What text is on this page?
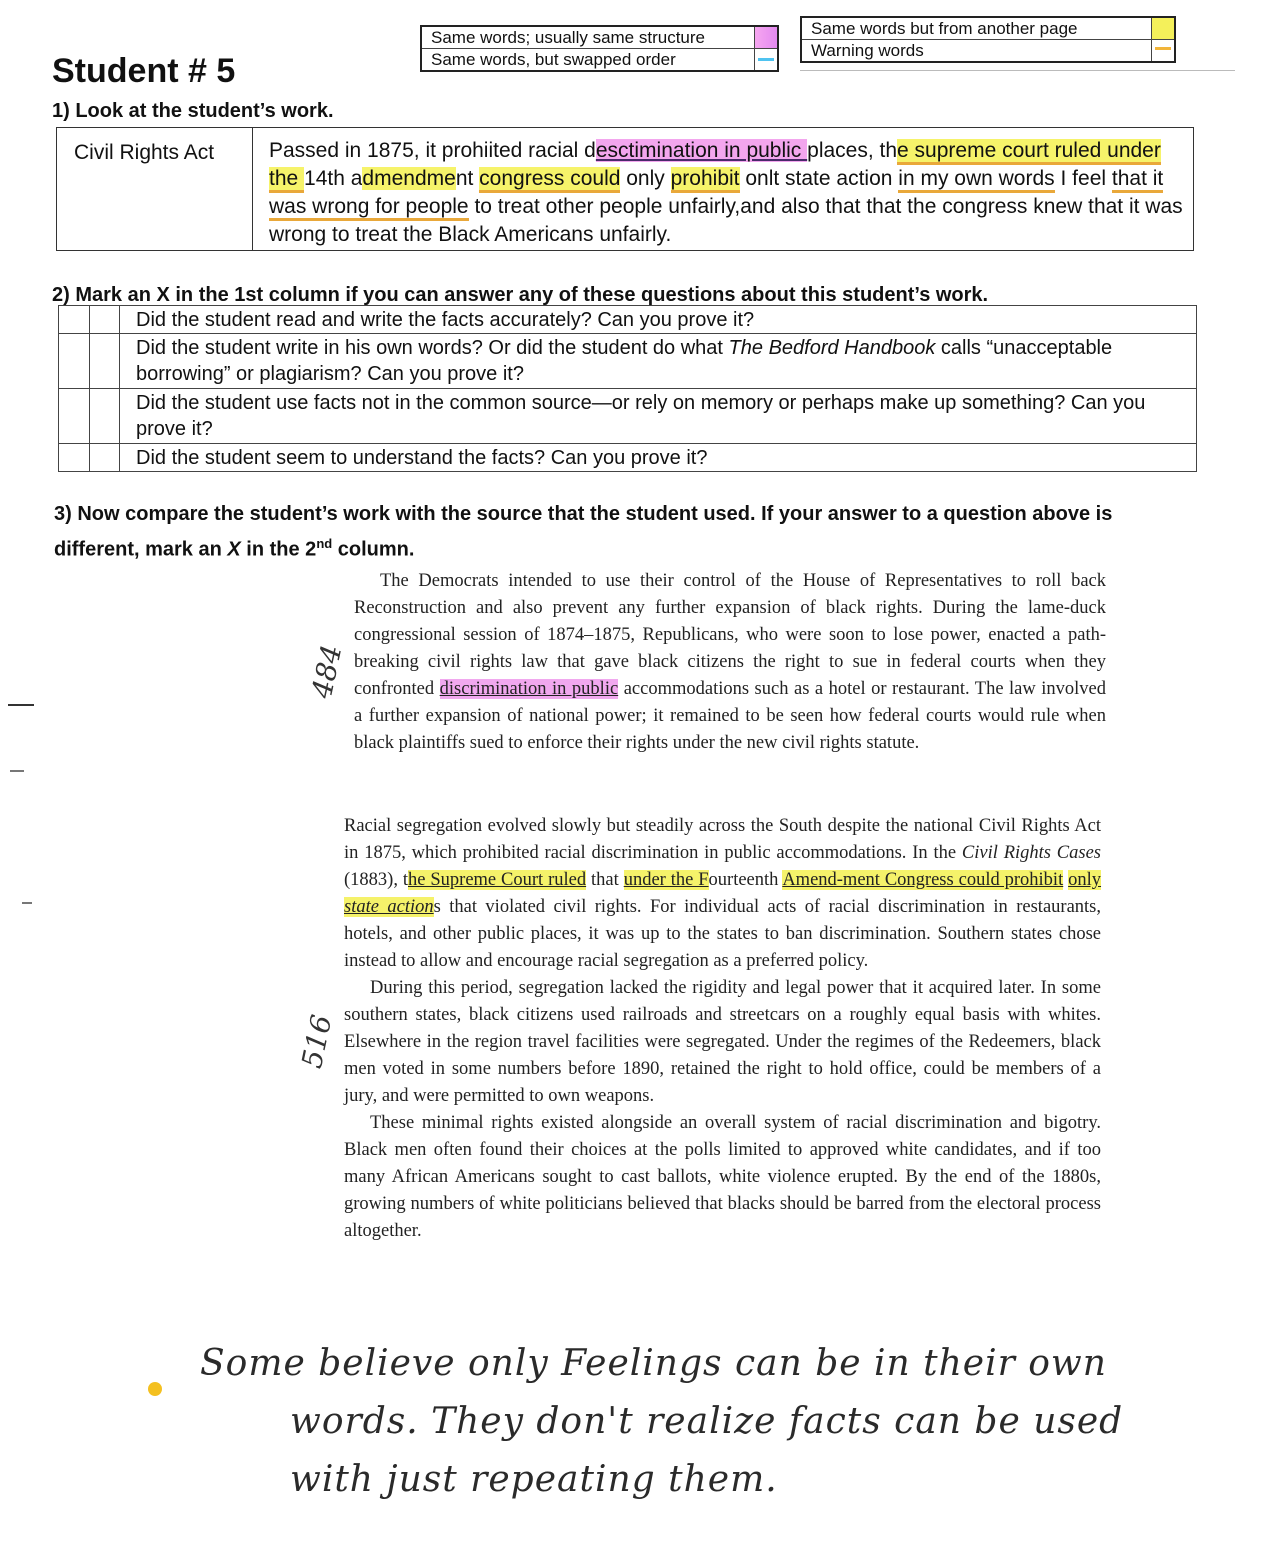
Same words; usually same structure
Same words, but swapped order
Same words but from another page
Warning words
Student # 5
1) Look at the student’s work.
Civil Rights Act	Passed in 1875, it prohiited racial desctimination in public places, the supreme court ruled under the 14th admendment congress could only prohibit onlt state action in my own words I feel that it was wrong for people to treat other people unfairly,and also that that the congress knew that it was wrong to treat the Black Americans unfairly.
2) Mark an X in the 1st column if you can answer any of these questions about this student’s work.
Did the student read and write the facts accurately? Can you prove it?
Did the student write in his own words? Or did the student do what The Bedford Handbook calls “unacceptable borrowing” or plagiarism? Can you prove it?
Did the student use facts not in the common source—or rely on memory or perhaps make up something? Can you prove it?
Did the student seem to understand the facts? Can you prove it?
3) Now compare the student’s work with the source that the student used. If your answer to a question above is different, mark an X in the 2nd column.

The Democrats intended to use their control of the House of Representatives to roll back Reconstruction and also prevent any further expansion of black rights. During the lame-duck congressional session of 1874–1875, Republicans, who were soon to lose power, enacted a path-breaking civil rights law that gave black citizens the right to sue in federal courts when they confronted discrimination in public accommodations such as a hotel or restaurant. The law involved a further expansion of national power; it remained to be seen how federal courts would rule when black plaintiffs sued to enforce their rights under the new civil rights statute.

484

Racial segregation evolved slowly but steadily across the South despite the national Civil Rights Act in 1875, which prohibited racial discrimination in public accommodations. In the Civil Rights Cases (1883), the Supreme Court ruled that under the Fourteenth Amend-ment Congress could prohibit only state actions that violated civil rights. For individual acts of racial discrimination in restaurants, hotels, and other public places, it was up to the states to ban discrimination. Southern states chose instead to allow and encourage racial segregation as a preferred policy.

During this period, segregation lacked the rigidity and legal power that it acquired later. In some southern states, black citizens used railroads and streetcars on a roughly equal basis with whites. Elsewhere in the region travel facilities were segregated. Under the regimes of the Redeemers, black men voted in some numbers before 1890, retained the right to hold office, could be members of a jury, and were permitted to own weapons.

These minimal rights existed alongside an overall system of racial discrimination and bigotry. Black men often found their choices at the polls limited to approved white candidates, and if too many African Americans sought to cast ballots, white violence erupted. By the end of the 1880s, growing numbers of white politicians believed that blacks should be barred from the electoral process altogether.

516
Some believe only Feelings can be in their own
words. They don't realize facts can be used
with just repeating them.
